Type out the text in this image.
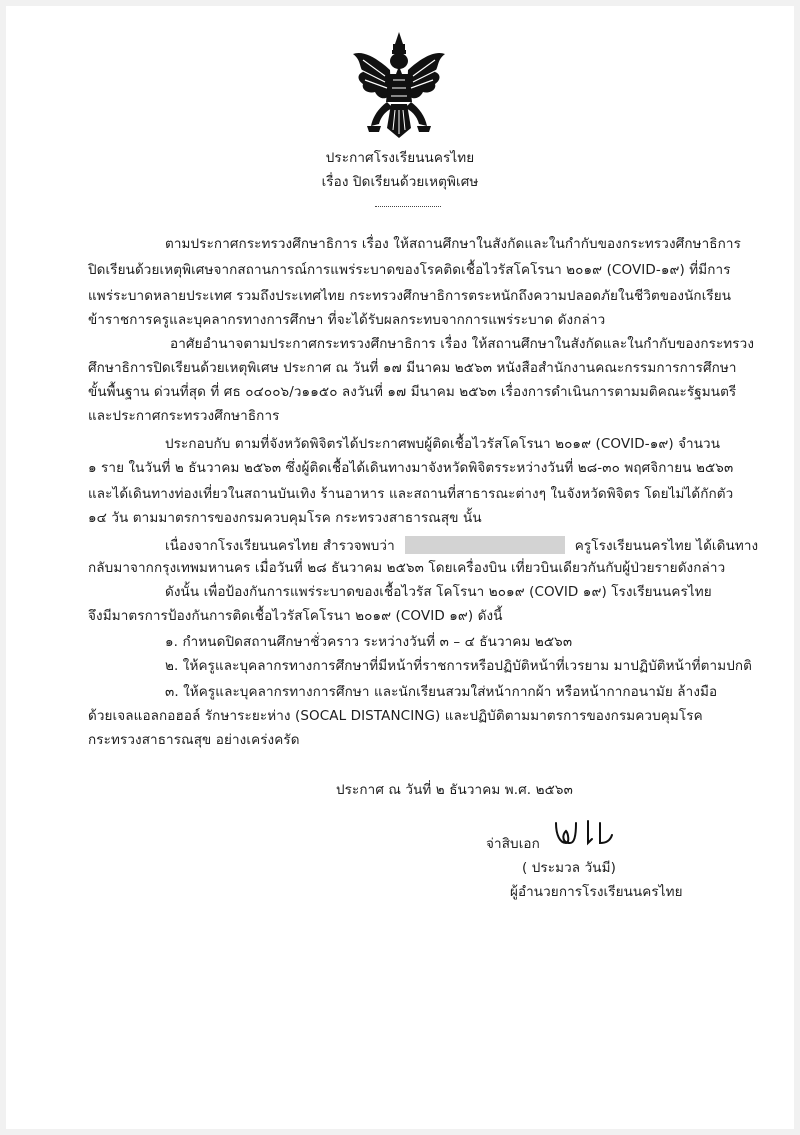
ประกาศโรงเรียนนครไทย
เรื่อง ปิดเรียนด้วยเหตุพิเศษ
ตามประกาศกระทรวงศึกษาธิการ เรื่อง ให้สถานศึกษาในสังกัดและในกำกับของกระทรวงศึกษาธิการ
ปิดเรียนด้วยเหตุพิเศษจากสถานการณ์การแพร่ระบาดของโรคติดเชื้อไวรัสโคโรนา ๒๐๑๙ (COVID-๑๙) ที่มีการ
แพร่ระบาดหลายประเทศ รวมถึงประเทศไทย กระทรวงศึกษาธิการตระหนักถึงความปลอดภัยในชีวิตของนักเรียน
ข้าราชการครูและบุคลากรทางการศึกษา ที่จะได้รับผลกระทบจากการแพร่ระบาด ดังกล่าว
อาศัยอำนาจตามประกาศกระทรวงศึกษาธิการ เรื่อง ให้สถานศึกษาในสังกัดและในกำกับของกระทรวง
ศึกษาธิการปิดเรียนด้วยเหตุพิเศษ ประกาศ ณ วันที่ ๑๗ มีนาคม ๒๕๖๓ หนังสือสำนักงานคณะกรรมการการศึกษา
ขั้นพื้นฐาน ด่วนที่สุด ที่ ศธ ๐๔๐๐๖/ว๑๑๕๐ ลงวันที่ ๑๗ มีนาคม ๒๕๖๓ เรื่องการดำเนินการตามมติคณะรัฐมนตรี
และประกาศกระทรวงศึกษาธิการ
ประกอบกับ ตามที่จังหวัดพิจิตรได้ประกาศพบผู้ติดเชื้อไวรัสโคโรนา ๒๐๑๙ (COVID-๑๙) จำนวน
๑ ราย ในวันที่ ๒ ธันวาคม ๒๕๖๓ ซึ่งผู้ติดเชื้อได้เดินทางมาจังหวัดพิจิตรระหว่างวันที่ ๒๘-๓๐ พฤศจิกายน ๒๕๖๓
และได้เดินทางท่องเที่ยวในสถานบันเทิง ร้านอาหาร และสถานที่สาธารณะต่างๆ ในจังหวัดพิจิตร โดยไม่ได้กักตัว
๑๔ วัน ตามมาตรการของกรมควบคุมโรค กระทรวงสาธารณสุข นั้น
เนื่องจากโรงเรียนนครไทย สำรวจพบว่า	ครูโรงเรียนนครไทย ได้เดินทาง
กลับมาจากกรุงเทพมหานคร เมื่อวันที่ ๒๘ ธันวาคม ๒๕๖๓ โดยเครื่องบิน เที่ยวบินเดียวกันกับผู้ป่วยรายดังกล่าว
ดังนั้น เพื่อป้องกันการแพร่ระบาดของเชื้อไวรัส โคโรนา ๒๐๑๙ (COVID ๑๙) โรงเรียนนครไทย
จึงมีมาตรการป้องกันการติดเชื้อไวรัสโคโรนา ๒๐๑๙ (COVID ๑๙) ดังนี้
๑. กำหนดปิดสถานศึกษาชั่วคราว ระหว่างวันที่ ๓ – ๔ ธันวาคม ๒๕๖๓
๒. ให้ครูและบุคลากรทางการศึกษาที่มีหน้าที่ราชการหรือปฏิบัติหน้าที่เวรยาม มาปฏิบัติหน้าที่ตามปกติ
๓. ให้ครูและบุคลากรทางการศึกษา และนักเรียนสวมใส่หน้ากากผ้า หรือหน้ากากอนามัย ล้างมือ
ด้วยเจลแอลกอฮอล์ รักษาระยะห่าง (SOCAL DISTANCING) และปฏิบัติตามมาตรการของกรมควบคุมโรค
กระทรวงสาธารณสุข อย่างเคร่งครัด
ประกาศ ณ วันที่ ๒ ธันวาคม พ.ศ. ๒๕๖๓
จ่าสิบเอก
( ประมวล วันมี)
ผู้อำนวยการโรงเรียนนครไทย
